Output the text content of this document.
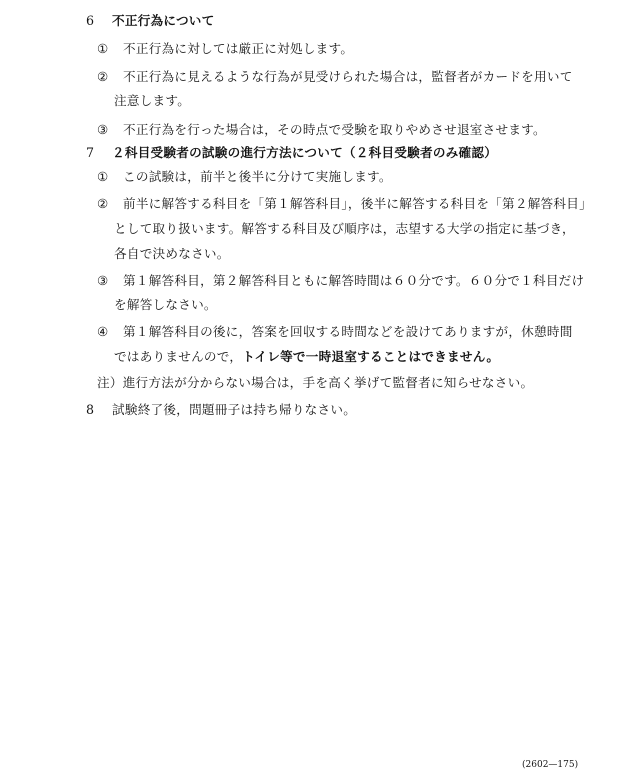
6 不正行為について
① 不正行為に対しては厳正に対処します。
② 不正行為に見えるような行為が見受けられた場合は，監督者がカードを用いて
注意します。
③ 不正行為を行った場合は，その時点で受験を取りやめさせ退室させます。
7 ２科目受験者の試験の進行方法について（２科目受験者のみ確認）
① この試験は，前半と後半に分けて実施します。
② 前半に解答する科目を「第１解答科目」，後半に解答する科目を「第２解答科目」
として取り扱います。解答する科目及び順序は，志望する大学の指定に基づき，
各自で決めなさい。
③ 第１解答科目，第２解答科目ともに解答時間は６０分です。６０分で１科目だけ
を解答しなさい。
④ 第１解答科目の後に，答案を回収する時間などを設けてありますが，休憩時間
ではありませんので，トイレ等で一時退室することはできません。
注）進行方法が分からない場合は，手を高く挙げて監督者に知らせなさい。
8 試験終了後，問題冊子は持ち帰りなさい。
(2602—175)
